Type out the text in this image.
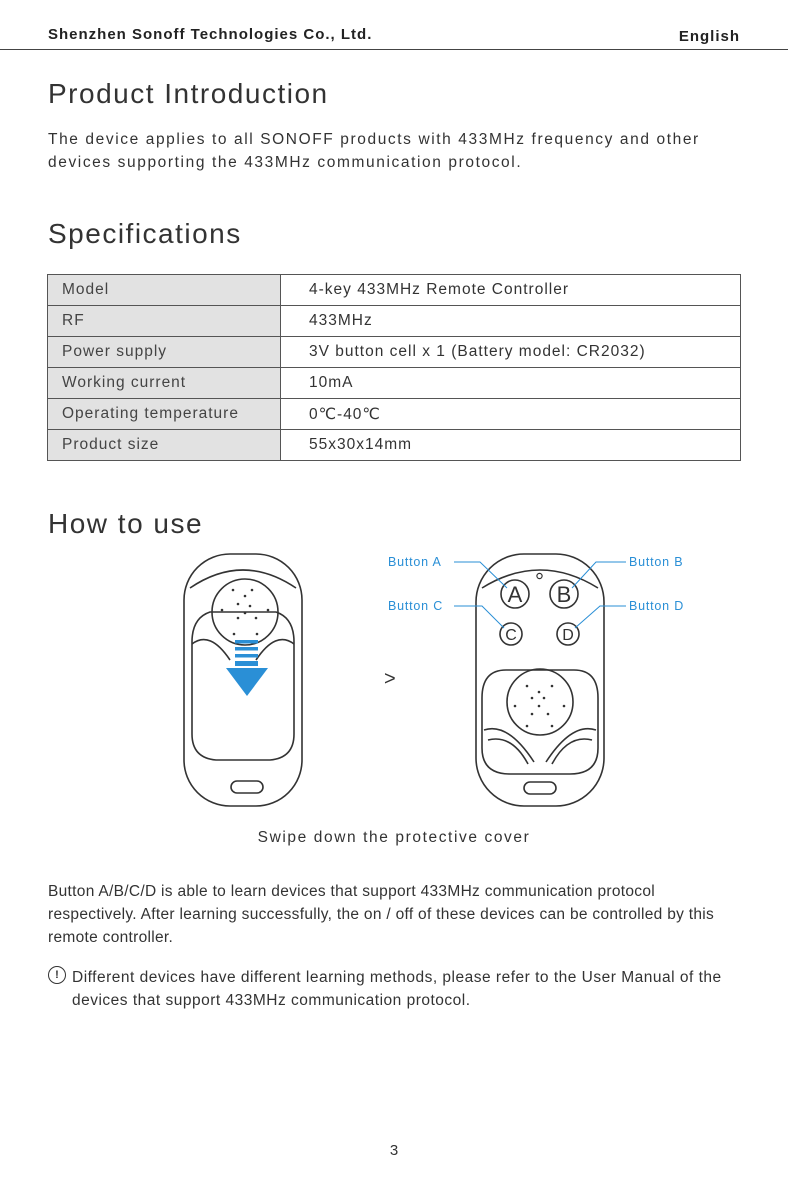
Shenzhen Sonoff Technologies Co., Ltd.	English
Product Introduction

The device applies to all SONOFF products with 433MHz frequency and other devices supporting the 433MHz communication protocol.

Specifications
Model	4-key 433MHz Remote Controller
RF	433MHz
Power supply	3V button cell x 1 (Battery model: CR2032)
Working current	10mA
Operating temperature	0℃-40℃
Product size	55x30x14mm
How to use
A B
C	D
Button A	Button B
Button C	Button D
>
Swipe down the protective cover

Button A/B/C/D is able to learn devices that support 433MHz communication protocol respectively. After learning successfully, the on / off of these devices can be controlled by this remote controller.

! Different devices have different learning methods, please refer to the User Manual of the devices that support 433MHz communication protocol.

3
